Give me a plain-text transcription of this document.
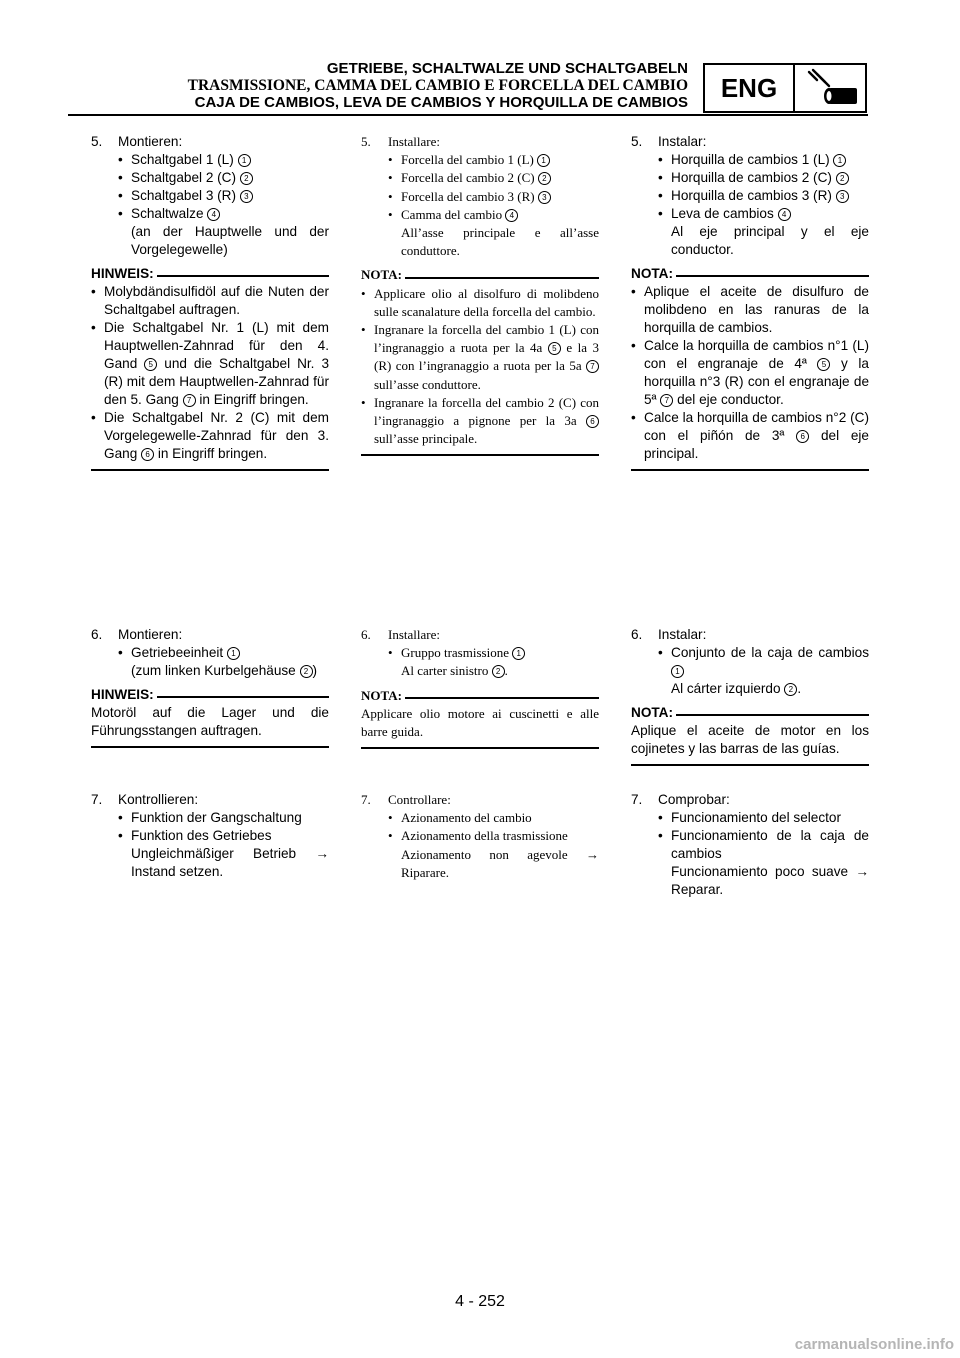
GETRIEBE, SCHALTWALZE UND SCHALTGABELN
TRASMISSIONE, CAMMA DEL CAMBIO E FORCELLA DEL CAMBIO
CAJA DE CAMBIOS, LEVA DE CAMBIOS Y HORQUILLA DE CAMBIOS	ENG
5.	Montieren:
• Schaltgabel 1 (L) 1
• Schaltgabel 2 (C) 2
• Schaltgabel 3 (R) 3
• Schaltwalze 4
(an der Hauptwelle und der Vorgelegewelle)
HINWEIS:
• Molybdändisulfidöl auf die Nuten der Schaltgabel auftragen.
• Die Schaltgabel Nr. 1 (L) mit dem Hauptwellen-Zahnrad für den 4. Gand 5 und die Schaltgabel Nr. 3 (R) mit dem Hauptwellen-Zahnrad für den 5. Gang 7 in Eingriff bringen.
• Die Schaltgabel Nr. 2 (C) mit dem Vorgelegewelle-Zahnrad für den 3. Gang 6 in Eingriff bringen.
6.	Montieren:
• Getriebeeinheit 1
(zum linken Kurbelgehäuse 2 )
HINWEIS:
Motoröl auf die Lager und die Führungsstangen auftragen.
7.	Kontrollieren:
• Funktion der Gangschaltung
• Funktion des Getriebes
Ungleichmäßiger Betrieb → Instand setzen.
5.	Installare:
• Forcella del cambio 1 (L) 1
• Forcella del cambio 2 (C) 2
• Forcella del cambio 3 (R) 3
• Camma del cambio 4
All’asse principale e all’asse conduttore.
NOTA:
• Applicare olio al disolfuro di molibdeno sulle scanalature della forcella del cambio.
• Ingranare la forcella del cambio 1 (L) con l’ingranaggio a ruota per la 4a 5 e la 3 (R) con l’ingranaggio a ruota per la 5a 7 sull’asse conduttore.
• Ingranare la forcella del cambio 2 (C) con l’ingranaggio a pignone per la 3a 6 sull’asse principale.
6.	Installare:
• Gruppo trasmissione 1
Al carter sinistro 2 .
NOTA:
Applicare olio motore ai cuscinetti e alle barre guida.
7.	Controllare:
• Azionamento del cambio
• Azionamento della trasmissione
Azionamento non agevole → Riparare.
5.	Instalar:
• Horquilla de cambios 1 (L) 1
• Horquilla de cambios 2 (C) 2
• Horquilla de cambios 3 (R) 3
• Leva de cambios 4
Al eje principal y el eje conductor.
NOTA:
• Aplique el aceite de disulfuro de molibdeno en las ranuras de la horquilla de cambios.
• Calce la horquilla de cambios n°1 (L) con el engranaje de 4ª 5 y la horquilla n°3 (R) con el engranaje de 5ª 7 del eje conductor.
• Calce la horquilla de cambios n°2 (C) con el piñón de 3ª 6 del eje principal.
6.	Instalar:
• Conjunto de la caja de cambios 1
Al cárter izquierdo 2 .
NOTA:
Aplique el aceite de motor en los cojinetes y las barras de las guías.
7.	Comprobar:
• Funcionamiento del selector
• Funcionamiento de la caja de cambios
Funcionamiento poco suave → Reparar.
4 - 252
carmanualsonline.info
